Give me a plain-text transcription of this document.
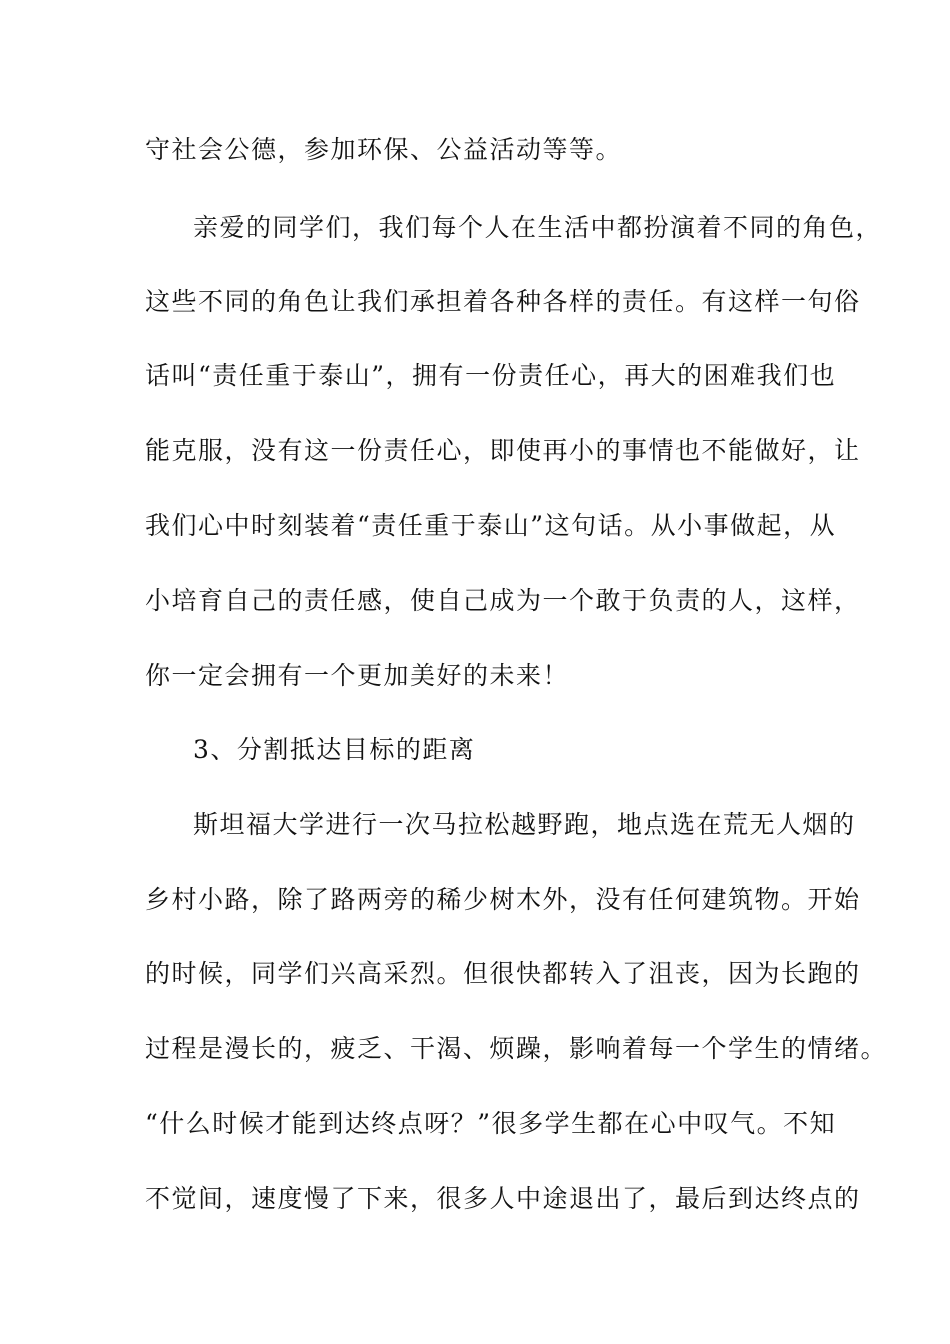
守社会公德，参加环保、公益活动等等。
亲爱的同学们，我们每个人在生活中都扮演着不同的角色，
这些不同的角色让我们承担着各种各样的责任。有这样一句俗
话叫“责任重于泰山”，拥有一份责任心，再大的困难我们也
能克服，没有这一份责任心，即使再小的事情也不能做好，让
我们心中时刻装着“责任重于泰山”这句话。从小事做起，从
小培育自己的责任感，使自己成为一个敢于负责的人，这样，
你一定会拥有一个更加美好的未来！
3、分割抵达目标的距离
斯坦福大学进行一次马拉松越野跑，地点选在荒无人烟的
乡村小路，除了路两旁的稀少树木外，没有任何建筑物。开始
的时候，同学们兴高采烈。但很快都转入了沮丧，因为长跑的
过程是漫长的，疲乏、干渴、烦躁，影响着每一个学生的情绪。
“什么时候才能到达终点呀？”很多学生都在心中叹气。不知
不觉间，速度慢了下来，很多人中途退出了，最后到达终点的
